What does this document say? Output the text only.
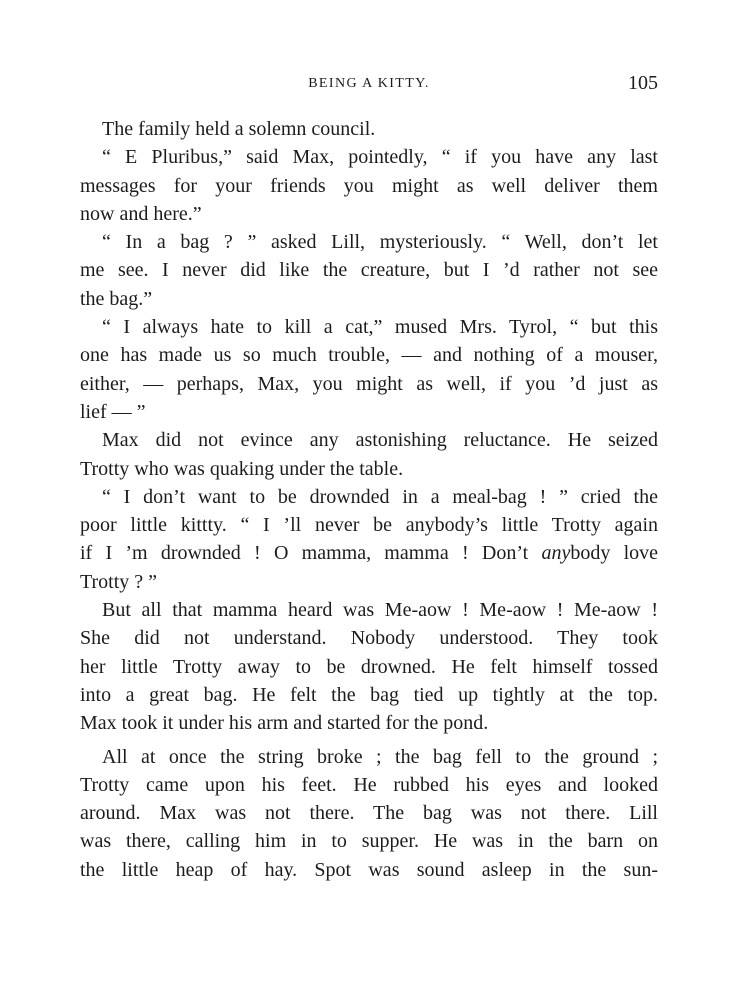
BEING A KITTY.	105
The family held a solemn council.
“ E Pluribus,” said Max, pointedly, “ if you have any last
messages for your friends you might as well deliver them
now and here.”
“ In a bag ? ” asked Lill, mysteriously. “ Well, don’t let
me see. I never did like the creature, but I ’d rather not see
the bag.”
“ I always hate to kill a cat,” mused Mrs. Tyrol, “ but this
one has made us so much trouble, — and nothing of a mouser,
either, — perhaps, Max, you might as well, if you ’d just as
lief — ”
Max did not evince any astonishing reluctance. He seized
Trotty who was quaking under the table.
“ I don’t want to be drownded in a meal-bag ! ” cried the
poor little kittty. “ I ’ll never be anybody’s little Trotty again
if I ’m drownded ! O mamma, mamma ! Don’t anybody love
Trotty ? ”
But all that mamma heard was Me-aow ! Me-aow ! Me-aow !
She did not understand. Nobody understood. They took
her little Trotty away to be drowned. He felt himself tossed
into a great bag. He felt the bag tied up tightly at the top.
Max took it under his arm and started for the pond.
All at once the string broke ; the bag fell to the ground ;
Trotty came upon his feet. He rubbed his eyes and looked
around. Max was not there. The bag was not there. Lill
was there, calling him in to supper. He was in the barn on
the little heap of hay. Spot was sound asleep in the sun-
